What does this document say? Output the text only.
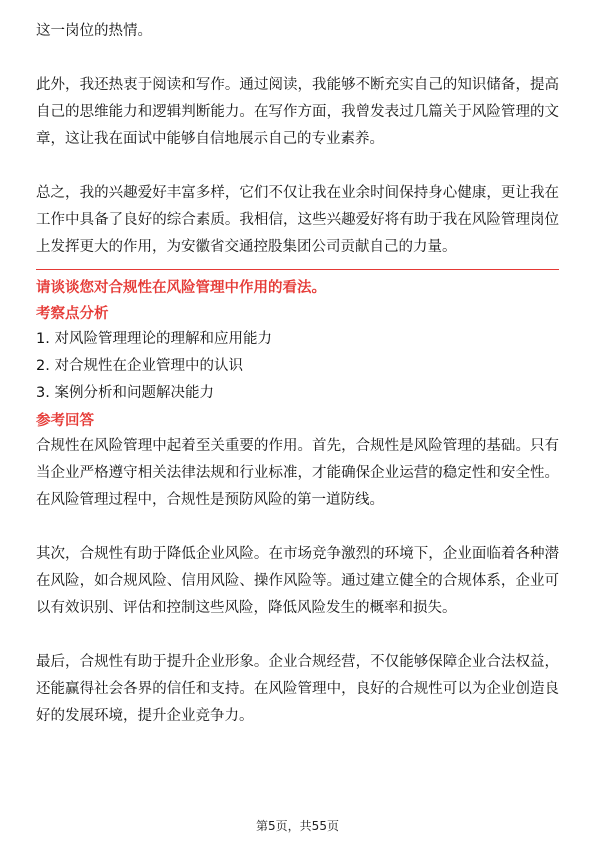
这一岗位的热情。

此外，我还热衷于阅读和写作。通过阅读，我能够不断充实自己的知识储备，提高自己的思维能力和逻辑判断能力。在写作方面，我曾发表过几篇关于风险管理的文章，这让我在面试中能够自信地展示自己的专业素养。

总之，我的兴趣爱好丰富多样，它们不仅让我在业余时间保持身心健康，更让我在工作中具备了良好的综合素质。我相信，这些兴趣爱好将有助于我在风险管理岗位上发挥更大的作用，为安徽省交通控股集团公司贡献自己的力量。

请谈谈您对合规性在风险管理中作用的看法。

考察点分析

1. 对风险管理理论的理解和应用能力
2. 对合规性在企业管理中的认识
3. 案例分析和问题解决能力

参考回答

合规性在风险管理中起着至关重要的作用。首先，合规性是风险管理的基础。只有当企业严格遵守相关法律法规和行业标准，才能确保企业运营的稳定性和安全性。在风险管理过程中，合规性是预防风险的第一道防线。

其次，合规性有助于降低企业风险。在市场竞争激烈的环境下，企业面临着各种潜在风险，如合规风险、信用风险、操作风险等。通过建立健全的合规体系，企业可以有效识别、评估和控制这些风险，降低风险发生的概率和损失。

最后，合规性有助于提升企业形象。企业合规经营，不仅能够保障企业合法权益，还能赢得社会各界的信任和支持。在风险管理中，良好的合规性可以为企业创造良好的发展环境，提升企业竞争力。

第5页，共55页
